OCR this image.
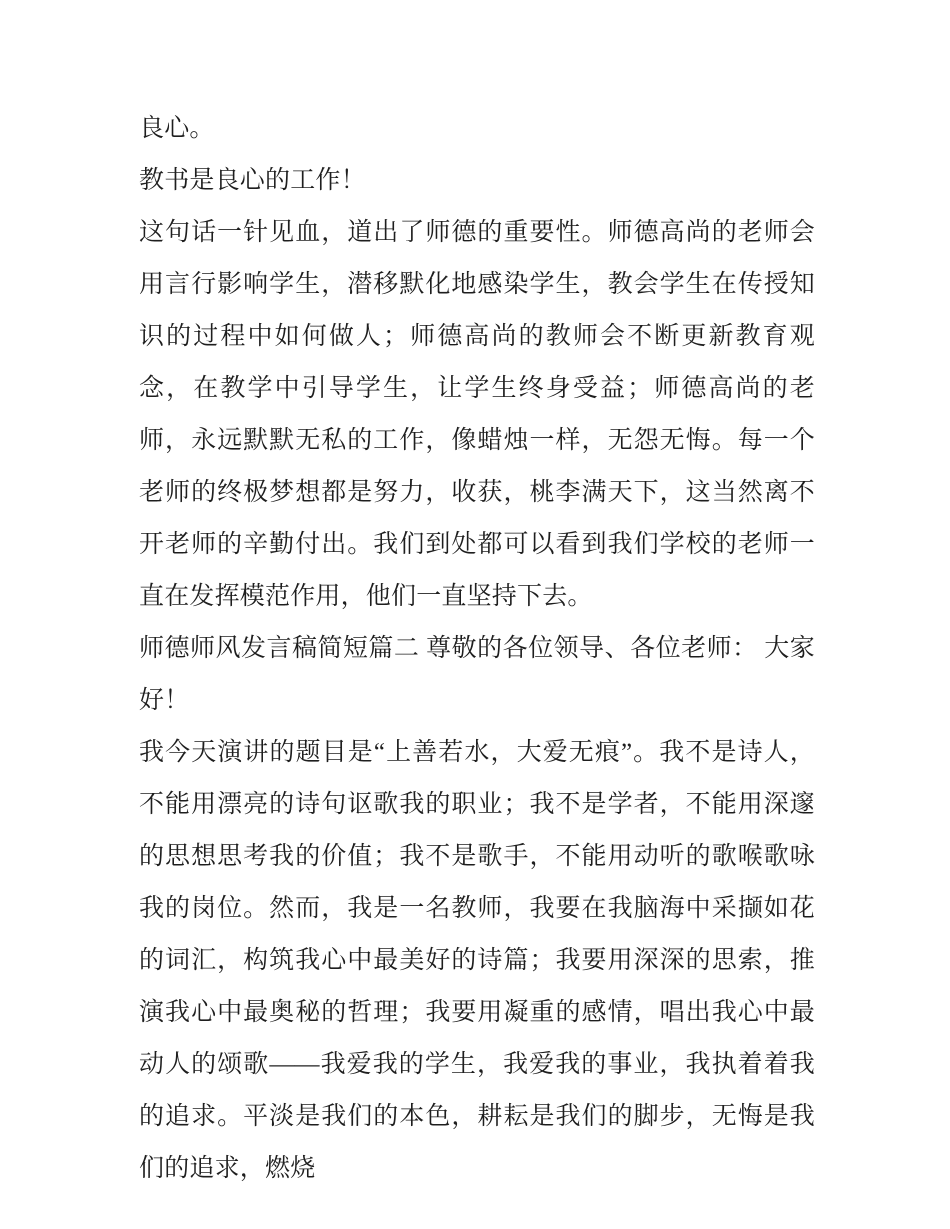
良心。

教书是良心的工作！

这句话一针见血，道出了师德的重要性。师德高尚的老师会用言行影响学生，潜移默化地感染学生，教会学生在传授知识的过程中如何做人；师德高尚的教师会不断更新教育观念，在教学中引导学生，让学生终身受益；师德高尚的老师，永远默默无私的工作，像蜡烛一样，无怨无悔。每一个老师的终极梦想都是努力，收获，桃李满天下，这当然离不开老师的辛勤付出。我们到处都可以看到我们学校的老师一直在发挥模范作用，他们一直坚持下去。

师德师风发言稿简短篇二 尊敬的各位领导、各位老师： 大家好！

我今天演讲的题目是“上善若水，大爱无痕”。我不是诗人，不能用漂亮的诗句讴歌我的职业；我不是学者，不能用深邃的思想思考我的价值；我不是歌手，不能用动听的歌喉歌咏我的岗位。然而，我是一名教师，我要在我脑海中采撷如花的词汇，构筑我心中最美好的诗篇；我要用深深的思索，推演我心中最奥秘的哲理；我要用凝重的感情，唱出我心中最动人的颂歌——我爱我的学生，我爱我的事业，我执着着我的追求。平淡是我们的本色，耕耘是我们的脚步，无悔是我们的追求，燃烧
